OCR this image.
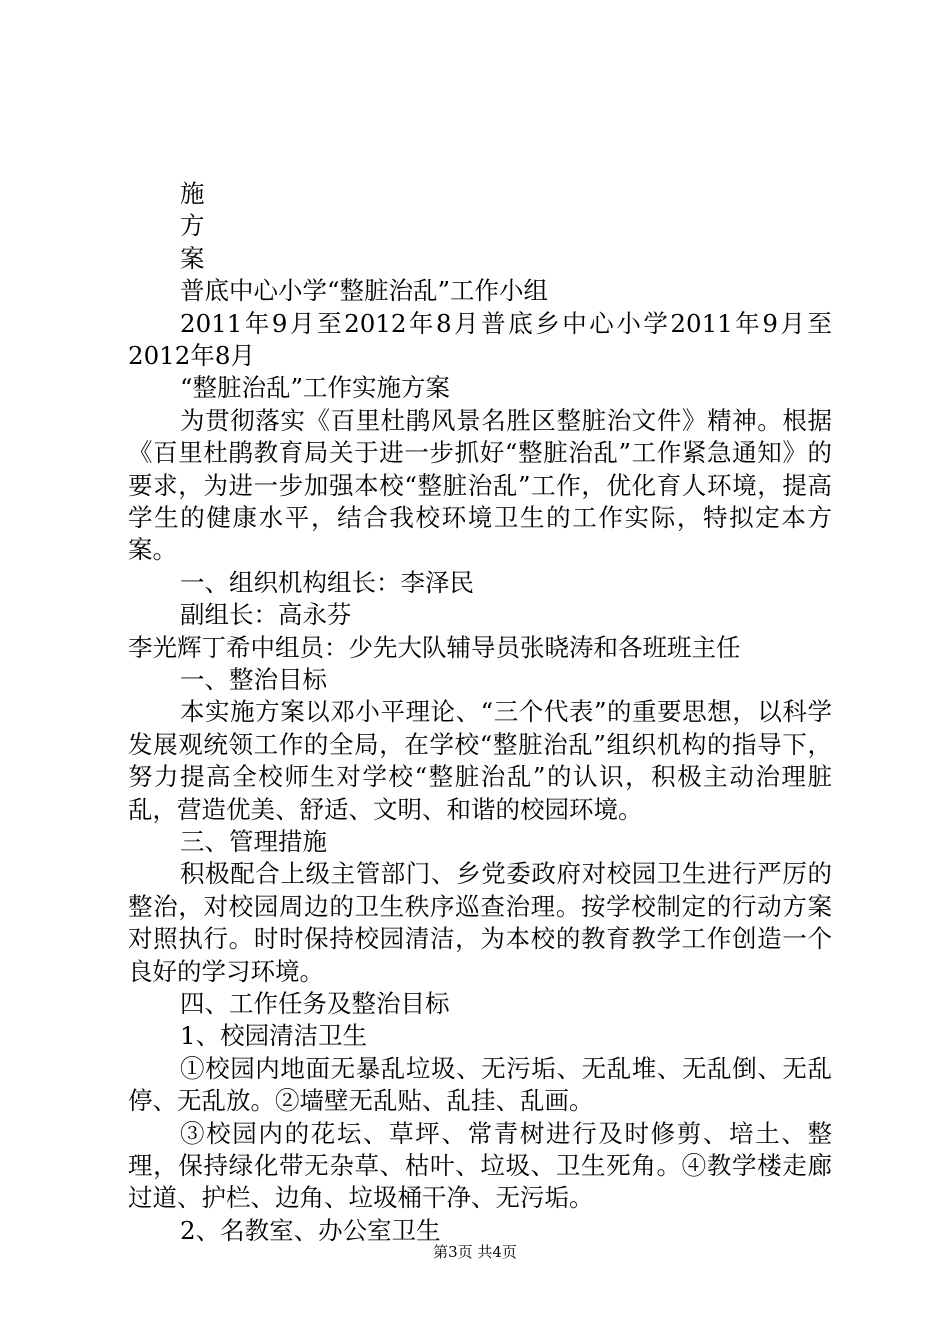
施
方
案
普底中心小学“整脏治乱”工作小组
2011年9月至2012年8月普底乡中心小学2011年9月至2012年8月
“整脏治乱”工作实施方案
为贯彻落实《百里杜鹃风景名胜区整脏治文件》精神。根据《百里杜鹃教育局关于进一步抓好“整脏治乱”工作紧急通知》的要求，为进一步加强本校“整脏治乱”工作，优化育人环境，提高学生的健康水平，结合我校环境卫生的工作实际，特拟定本方案。
一、组织机构组长：李泽民
副组长：高永芬
李光辉丁希中组员：少先大队辅导员张晓涛和各班班主任
一、整治目标
本实施方案以邓小平理论、“三个代表”的重要思想，以科学发展观统领工作的全局，在学校“整脏治乱”组织机构的指导下，努力提高全校师生对学校“整脏治乱”的认识，积极主动治理脏乱，营造优美、舒适、文明、和谐的校园环境。
三、管理措施
积极配合上级主管部门、乡党委政府对校园卫生进行严厉的整治，对校园周边的卫生秩序巡查治理。按学校制定的行动方案对照执行。时时保持校园清洁，为本校的教育教学工作创造一个良好的学习环境。
四、工作任务及整治目标
1、校园清洁卫生
①校园内地面无暴乱垃圾、无污垢、无乱堆、无乱倒、无乱停、无乱放。②墙壁无乱贴、乱挂、乱画。
③校园内的花坛、草坪、常青树进行及时修剪、培土、整理，保持绿化带无杂草、枯叶、垃圾、卫生死角。④教学楼走廊过道、护栏、边角、垃圾桶干净、无污垢。
2、名教室、办公室卫生
第3页 共4页
